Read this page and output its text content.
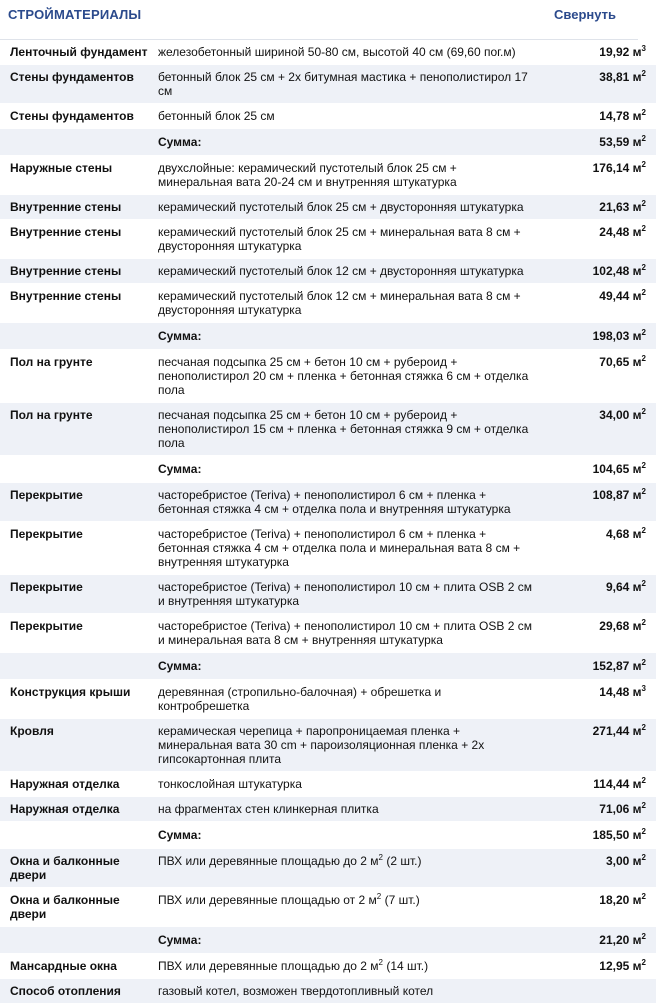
СТРОЙМАТЕРИАЛЫ	Свернуть
Ленточный фундамент	железобетонный шириной 50-80 см, высотой 40 см (69,60 пог.м)	19,92 $м^3$
Стены фундаментов	бетонный блок 25 см + 2х битумная мастика + пенополистирол 17 см	38,81 $м^2$
Стены фундаментов	бетонный блок 25 см	14,78 $м^2$
	Сумма:	53,59 $м^2$
Наружные стены	двухслойные: керамический пустотелый блок 25 см + минеральная вата 20-24 см и внутренняя штукатурка	176,14 $м^2$
Внутренние стены	керамический пустотелый блок 25 см + двусторонняя штукатурка	21,63 $м^2$
Внутренние стены	керамический пустотелый блок 25 см + минеральная вата 8 см + двусторонняя штукатурка	24,48 $м^2$
Внутренние стены	керамический пустотелый блок 12 см + двусторонняя штукатурка	102,48 $м^2$
Внутренние стены	керамический пустотелый блок 12 см + минеральная вата 8 см + двусторонняя штукатурка	49,44 $м^2$
	Сумма:	198,03 $м^2$
Пол на грунте	песчаная подсыпка 25 см + бетон 10 см + рубероид + пенополистирол 20 см + пленка + бетонная стяжка 6 см + отделка пола	70,65 $м^2$
Пол на грунте	песчаная подсыпка 25 см + бетон 10 см + рубероид + пенополистирол 15 см + пленка + бетонная стяжка 9 см + отделка пола	34,00 $м^2$
	Сумма:	104,65 $м^2$
Перекрытие	часторебристое (Teriva) + пенополистирол 6 см + пленка + бетонная стяжка 4 см + отделка пола и внутренняя штукатурка	108,87 $м^2$
Перекрытие	часторебристое (Teriva) + пенополистирол 6 см + пленка + бетонная стяжка 4 см + отделка пола и минеральная вата 8 см + внутренняя штукатурка	4,68 $м^2$
Перекрытие	часторебристое (Teriva) + пенополистирол 10 см + плита OSB 2 см и внутренняя штукатурка	9,64 $м^2$
Перекрытие	часторебристое (Teriva) + пенополистирол 10 см + плита OSB 2 см и минеральная вата 8 см + внутренняя штукатурка	29,68 $м^2$
	Сумма:	152,87 $м^2$
Конструкция крыши	деревянная (стропильно-балочная) + обрешетка и контробрешетка	14,48 $м^3$
Кровля	керамическая черепица + паропроницаемая пленка + минеральная вата 30 cm + пароизоляционная пленка + 2х гипсокартонная плита	271,44 $м^2$
Наружная отделка	тонкослойная штукатурка	114,44 $м^2$
Наружная отделка	на фрагментах стен клинкерная плитка	71,06 $м^2$
	Сумма:	185,50 $м^2$
Окна и балконные двери	ПВХ или деревянные площадью до 2 $м^2$ (2 шт.)	3,00 $м^2$
Окна и балконные двери	ПВХ или деревянные площадью от 2 $м^2$ (7 шт.)	18,20 $м^2$
	Сумма:	21,20 $м^2$
Мансардные окна	ПВХ или деревянные площадью до 2 $м^2$ (14 шт.)	12,95 $м^2$
Способ отопления	газовый котел, возможен твердотопливный котел	
